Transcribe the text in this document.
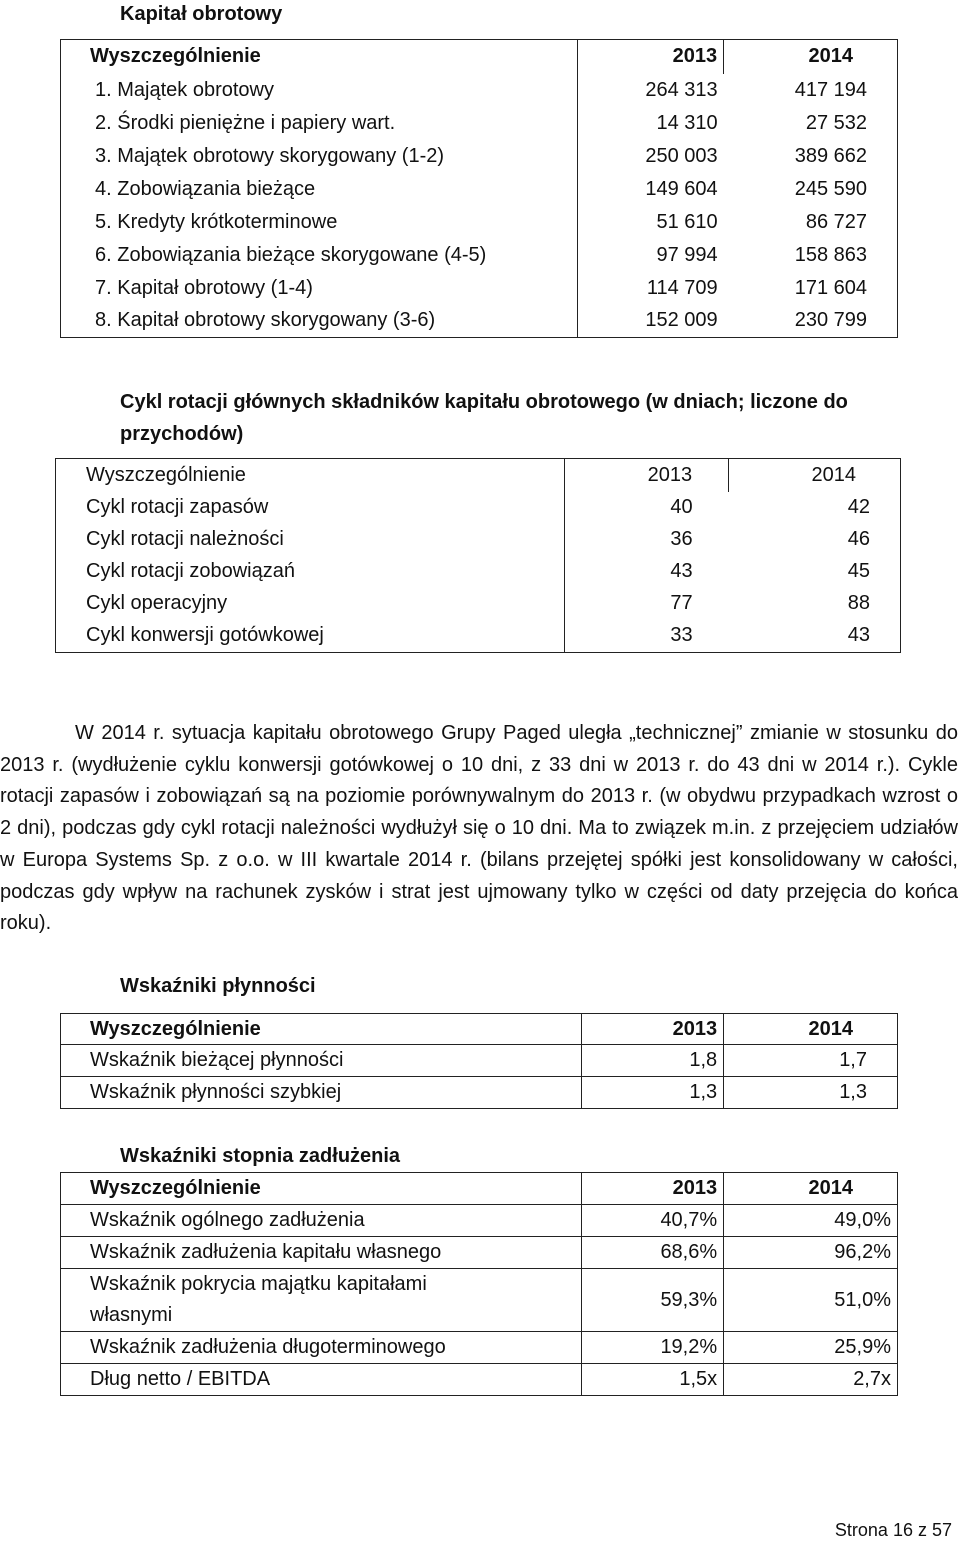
Kapitał obrotowy
Wyszczególnienie	2013	2014
1. Majątek obrotowy	264 313	417 194
2. Środki pieniężne i papiery wart.	14 310	27 532
3. Majątek obrotowy skorygowany (1-2)	250 003	389 662
4. Zobowiązania bieżące	149 604	245 590
5. Kredyty krótkoterminowe	51 610	86 727
6. Zobowiązania bieżące skorygowane (4-5)	97 994	158 863
7. Kapitał obrotowy (1-4)	114 709	171 604
8. Kapitał obrotowy skorygowany (3-6)	152 009	230 799
Cykl rotacji głównych składników kapitału obrotowego (w dniach; liczone do przychodów)
Wyszczególnienie	2013	2014
Cykl rotacji zapasów	40	42
Cykl rotacji należności	36	46
Cykl rotacji zobowiązań	43	45
Cykl operacyjny	77	88
Cykl konwersji gotówkowej	33	43
W 2014 r. sytuacja kapitału obrotowego Grupy Paged uległa „technicznej” zmianie w stosunku do 2013 r. (wydłużenie cyklu konwersji gotówkowej o 10 dni, z 33 dni w 2013 r. do 43 dni w 2014 r.). Cykle rotacji zapasów i zobowiązań są na poziomie porównywalnym do 2013 r. (w obydwu przypadkach wzrost o 2 dni), podczas gdy cykl rotacji należności wydłużył się o 10 dni. Ma to związek m.in. z przejęciem udziałów w Europa Systems Sp. z o.o. w III kwartale 2014 r. (bilans przejętej spółki jest konsolidowany w całości, podczas gdy wpływ na rachunek zysków i strat jest ujmowany tylko w części od daty przejęcia do końca roku).
Wskaźniki płynności
Wyszczególnienie	2013	2014
Wskaźnik bieżącej płynności	1,8	1,7
Wskaźnik płynności szybkiej	1,3	1,3
Wskaźniki stopnia zadłużenia
Wyszczególnienie	2013	2014
Wskaźnik ogólnego zadłużenia	40,7%	49,0%
Wskaźnik zadłużenia kapitału własnego	68,6%	96,2%
Wskaźnik pokrycia majątku kapitałami własnymi	59,3%	51,0%
Wskaźnik zadłużenia długoterminowego	19,2%	25,9%
Dług netto / EBITDA	1,5x	2,7x
Strona 16 z 57
